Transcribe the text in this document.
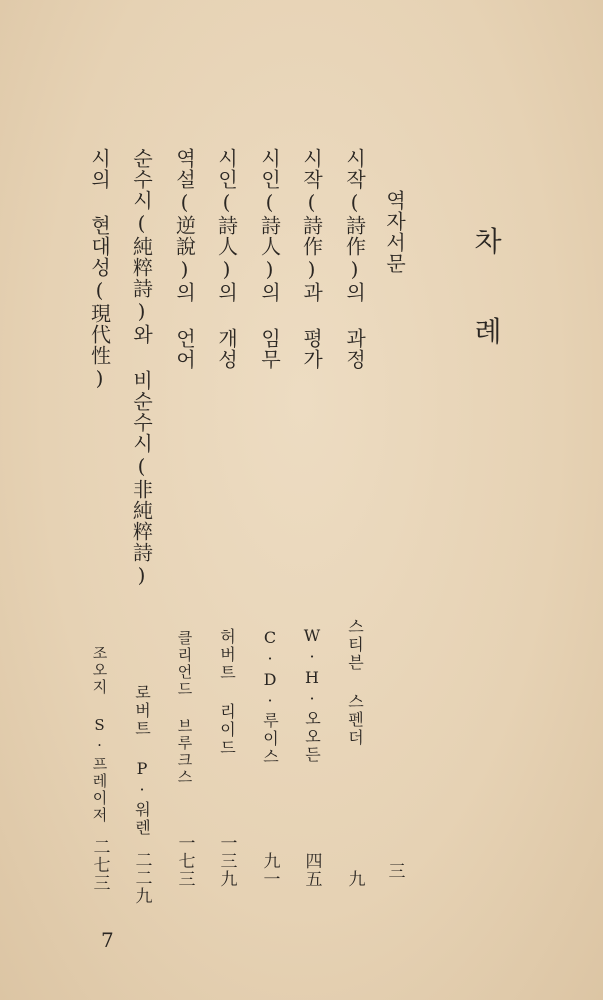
차
례
역자서문
三
시작(詩作)의 과정
스티븐 스펜더
九
시작(詩作)과 평가
W·H·오오든
四五
시인(詩人)의 임무
C·D·루이스
九一
시인(詩人)의 개성
허버트 리이드
一三九
역설(逆說)의 언어
클리언드 브루크스
一七三
순수시(純粹詩)와 비순수시(非純粹詩)
로버트 P·워렌
二二九
시의 현대성(現代性)
조오지 S·프레이저
二七三
7
